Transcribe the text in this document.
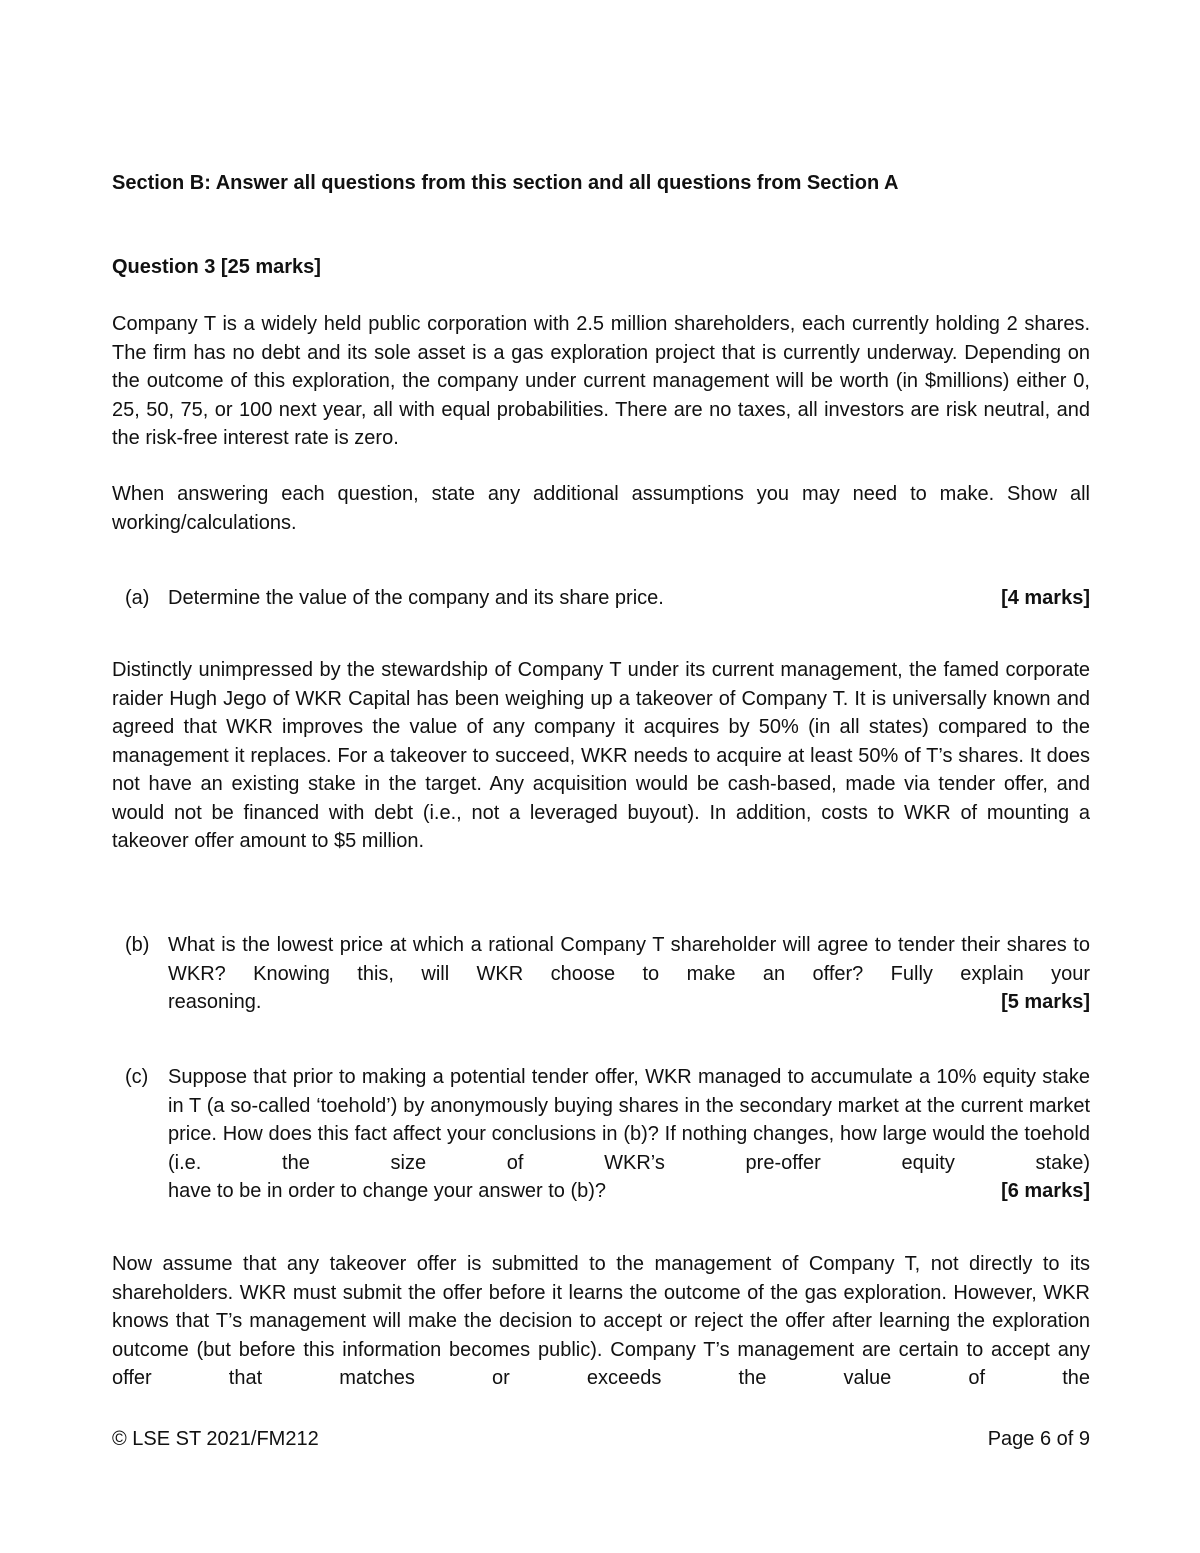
Section B: Answer all questions from this section and all questions from Section A
Question 3 [25 marks]

Company T is a widely held public corporation with 2.5 million shareholders, each currently holding 2 shares. The firm has no debt and its sole asset is a gas exploration project that is currently underway. Depending on the outcome of this exploration, the company under current management will be worth (in $millions) either 0, 25, 50, 75, or 100 next year, all with equal probabilities. There are no taxes, all investors are risk neutral, and the risk-free interest rate is zero.

When answering each question, state any additional assumptions you may need to make. Show all working/calculations.

(a) Determine the value of the company and its share price.	[4 marks]

Distinctly unimpressed by the stewardship of Company T under its current management, the famed corporate raider Hugh Jego of WKR Capital has been weighing up a takeover of Company T. It is universally known and agreed that WKR improves the value of any company it acquires by 50% (in all states) compared to the management it replaces. For a takeover to succeed, WKR needs to acquire at least 50% of T’s shares. It does not have an existing stake in the target. Any acquisition would be cash-based, made via tender offer, and would not be financed with debt (i.e., not a leveraged buyout). In addition, costs to WKR of mounting a takeover offer amount to $5 million.

(b) What is the lowest price at which a rational Company T shareholder will agree to tender their shares to WKR? Knowing this, will WKR choose to make an offer? Fully explain your
reasoning.	[5 marks]
(c) Suppose that prior to making a potential tender offer, WKR managed to accumulate a 10% equity stake in T (a so-called ‘toehold’) by anonymously buying shares in the secondary market at the current market price. How does this fact affect your conclusions in (b)? If nothing changes, how large would the toehold (i.e. the size of WKR’s pre-offer equity stake)
have to be in order to change your answer to (b)?	[6 marks]

Now assume that any takeover offer is submitted to the management of Company T, not directly to its shareholders. WKR must submit the offer before it learns the outcome of the gas exploration. However, WKR knows that T’s management will make the decision to accept or reject the offer after learning the exploration outcome (but before this information becomes public). Company T’s management are certain to accept any offer that matches or exceeds the value of the

© LSE ST 2021/FM212	Page 6 of 9
